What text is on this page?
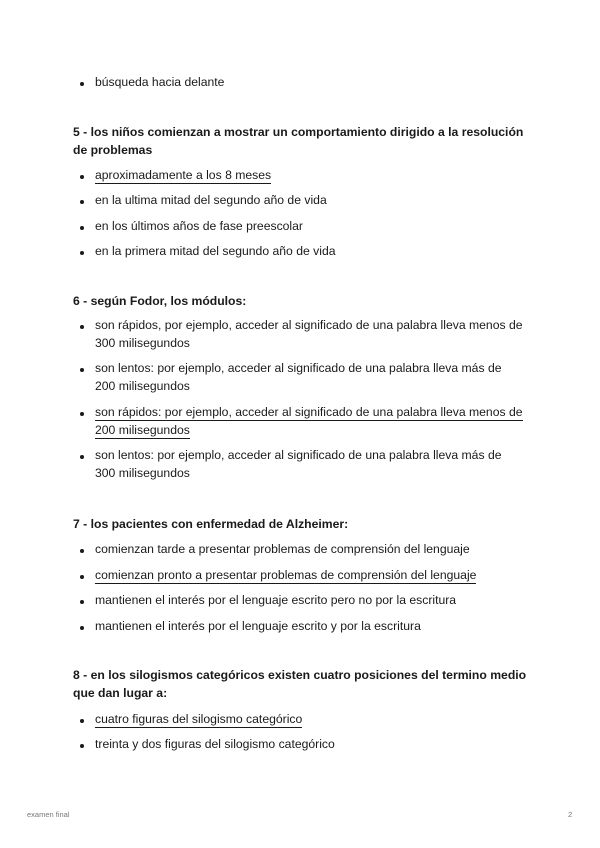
búsqueda hacia delante
5 - los niños comienzan a mostrar un comportamiento dirigido a la resolución de problemas
aproximadamente a los 8 meses
en la ultima mitad del segundo año de vida
en los últimos años de fase preescolar
en la primera mitad del segundo año de vida
6 - según Fodor, los módulos:
son rápidos, por ejemplo, acceder al significado de una palabra lleva menos de 300 milisegundos
son lentos: por ejemplo, acceder al significado de una palabra lleva más de 200 milisegundos
son rápidos: por ejemplo, acceder al significado de una palabra lleva menos de 200 milisegundos
son lentos: por ejemplo, acceder al significado de una palabra lleva más de 300 milisegundos
7 - los pacientes con enfermedad de Alzheimer:
comienzan tarde a presentar problemas de comprensión del lenguaje
comienzan pronto a presentar problemas de comprensión del lenguaje
mantienen el interés por el lenguaje escrito pero no por la escritura
mantienen el interés por el lenguaje escrito y por la escritura
8 - en los silogismos categóricos existen cuatro posiciones del termino medio que dan lugar a:
cuatro figuras del silogismo categórico
treinta y dos figuras del silogismo categórico
examen final	2
